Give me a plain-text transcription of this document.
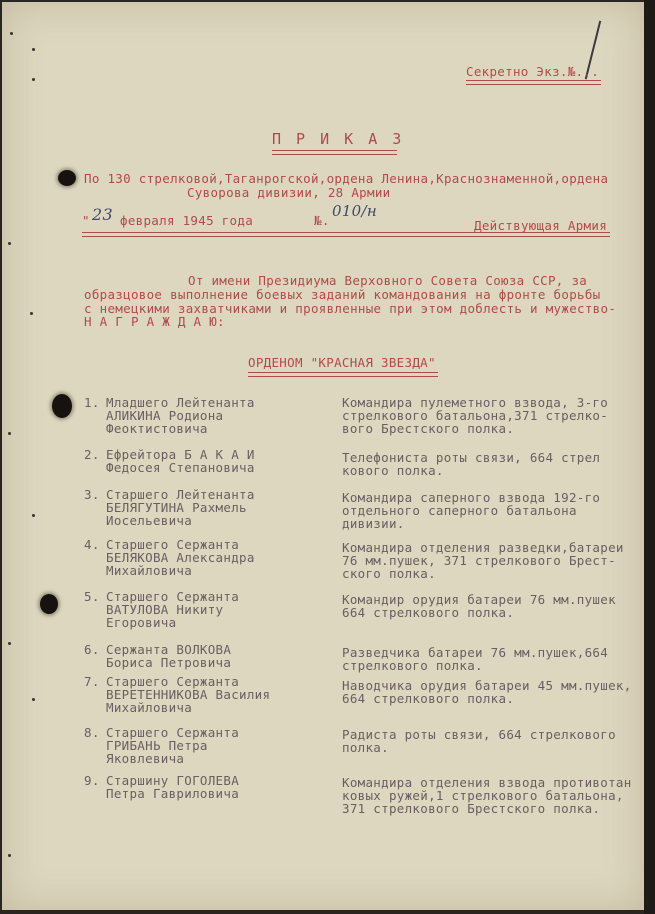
Секретно Экз.№...
П Р И К А З
По 130 стрелковой,Таганрогской,ордена Ленина,Краснознаменной,ордена
Суворова дивизии, 28 Армии
" 23 февраля 1945 года	№.
010/н
Действующая Армия
От имени Президиума Верховного Совета Союза ССР, за
образцовое выполнение боевых заданий командования на фронте борьбы
с немецкими захватчиками и проявленные при этом доблесть и мужество-
Н А Г Р А Ж Д А Ю:
ОРДЕНОМ "КРАСНАЯ ЗВЕЗДА"
1. Младшего Лейтенанта
АЛИКИНА Родиона
Феоктистовича
Командира пулеметного взвода, 3-го
стрелкового батальона,371 стрелко-
вого Брестского полка.
2. Ефрейтора Б А К А И
Федосея Степановича
Телефониста роты связи, 664 стрел
кового полка.
3. Старшего Лейтенанта
БЕЛЯГУТИНА Рахмель
Иосельевича
Командира саперного взвода 192-го
отдельного саперного батальона
дивизии.
4. Старшего Сержанта
БЕЛЯКОВА Александра
Михайловича
Командира отделения разведки,батареи
76 мм.пушек, 371 стрелкового Брест-
ского полка.
5. Старшего Сержанта
ВАТУЛОВА Никиту
Егоровича
Командир орудия батареи 76 мм.пушек
664 стрелкового полка.
6. Сержанта ВОЛКОВА
Бориса Петровича
Разведчика батареи 76 мм.пушек,664
стрелкового полка.
7. Старшего Сержанта
ВЕРЕТЕННИКОВА Василия
Михайловича
Наводчика орудия батареи 45 мм.пушек,
664 стрелкового полка.
8. Старшего Сержанта
ГРИБАНЬ Петра
Яковлевича
Радиста роты связи, 664 стрелкового
полка.
9. Старшину ГОГОЛЕВА
Петра Гавриловича
Командира отделения взвода противотан
ковых ружей,1 стрелкового батальона,
371 стрелкового Брестского полка.
